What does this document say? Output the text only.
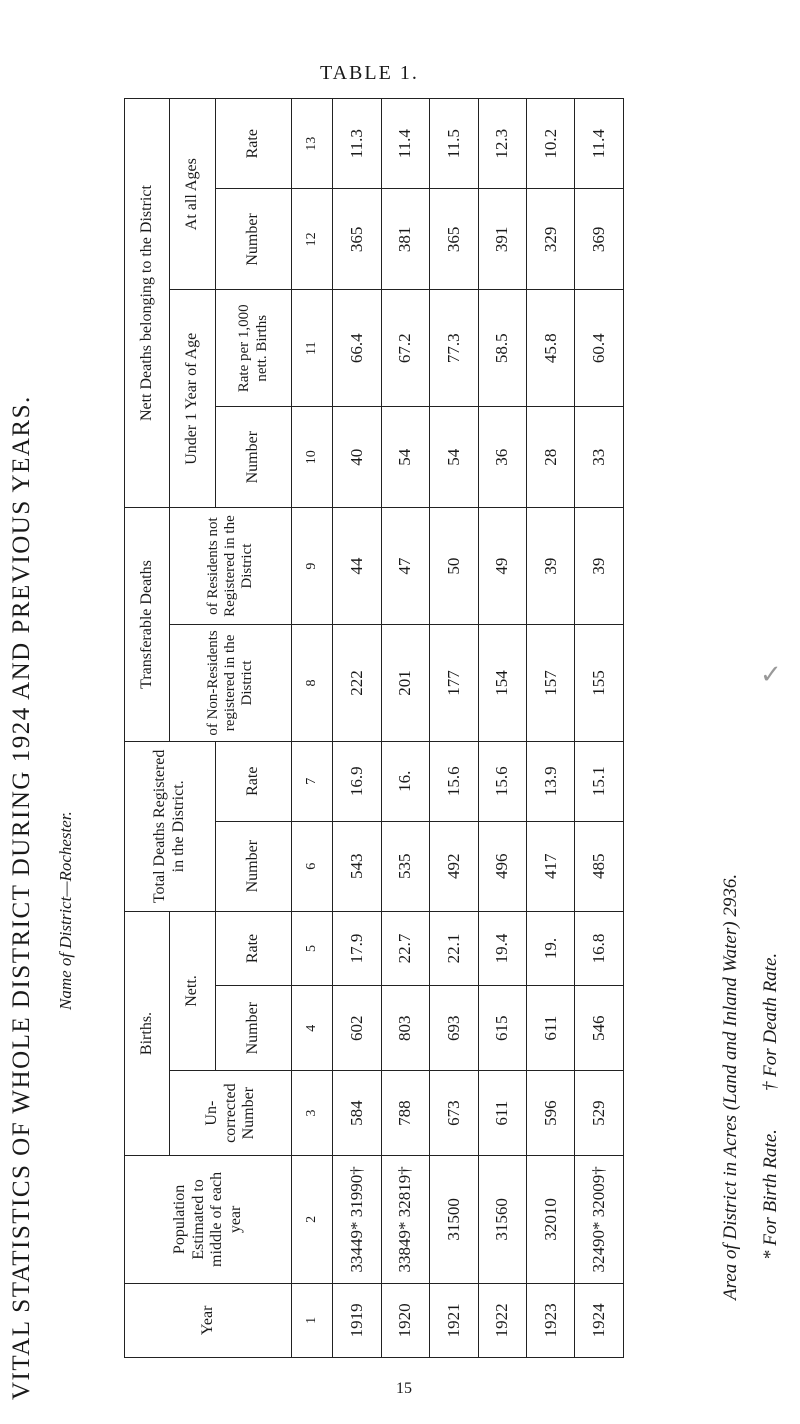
VITAL STATISTICS OF WHOLE DISTRICT DURING 1924 AND PREVIOUS YEARS. Name of District—Rochester.
TABLE 1.
Year	Population Estimated to middle of each year	Births.			Total Deaths Registered in the District.		Transferable Deaths		Nett Deaths belonging to the District			
		Un-corrected Number	Nett.				of Non-Residents registered in the District	of Residents not Registered in the District	Under 1 Year of Age		At all Ages	
			Number	Rate	Number	Rate			Number	Rate per 1,000 nett. Births	Number	Rate
1	2	3	4	5	6	7	8	9	10	11	12	13
1919	33449* 31990†	584	602	17.9	543	16.9	222	44	40	66.4	365	11.3
1920	33849* 32819†	788	803	22.7	535	16.	201	47	54	67.2	381	11.4
1921	31500	673	693	22.1	492	15.6	177	50	54	77.3	365	11.5
1922	31560	611	615	19.4	496	15.6	154	49	36	58.5	391	12.3
1923	32010	596	611	19.	417	13.9	157	39	28	45.8	329	10.2
1924	32490* 32009†	529	546	16.8	485	15.1	155	39	33	60.4	369	11.4
Area of District in Acres (Land and Inland Water) 2936. * For Birth Rate.        † For Death Rate.
✓
15
